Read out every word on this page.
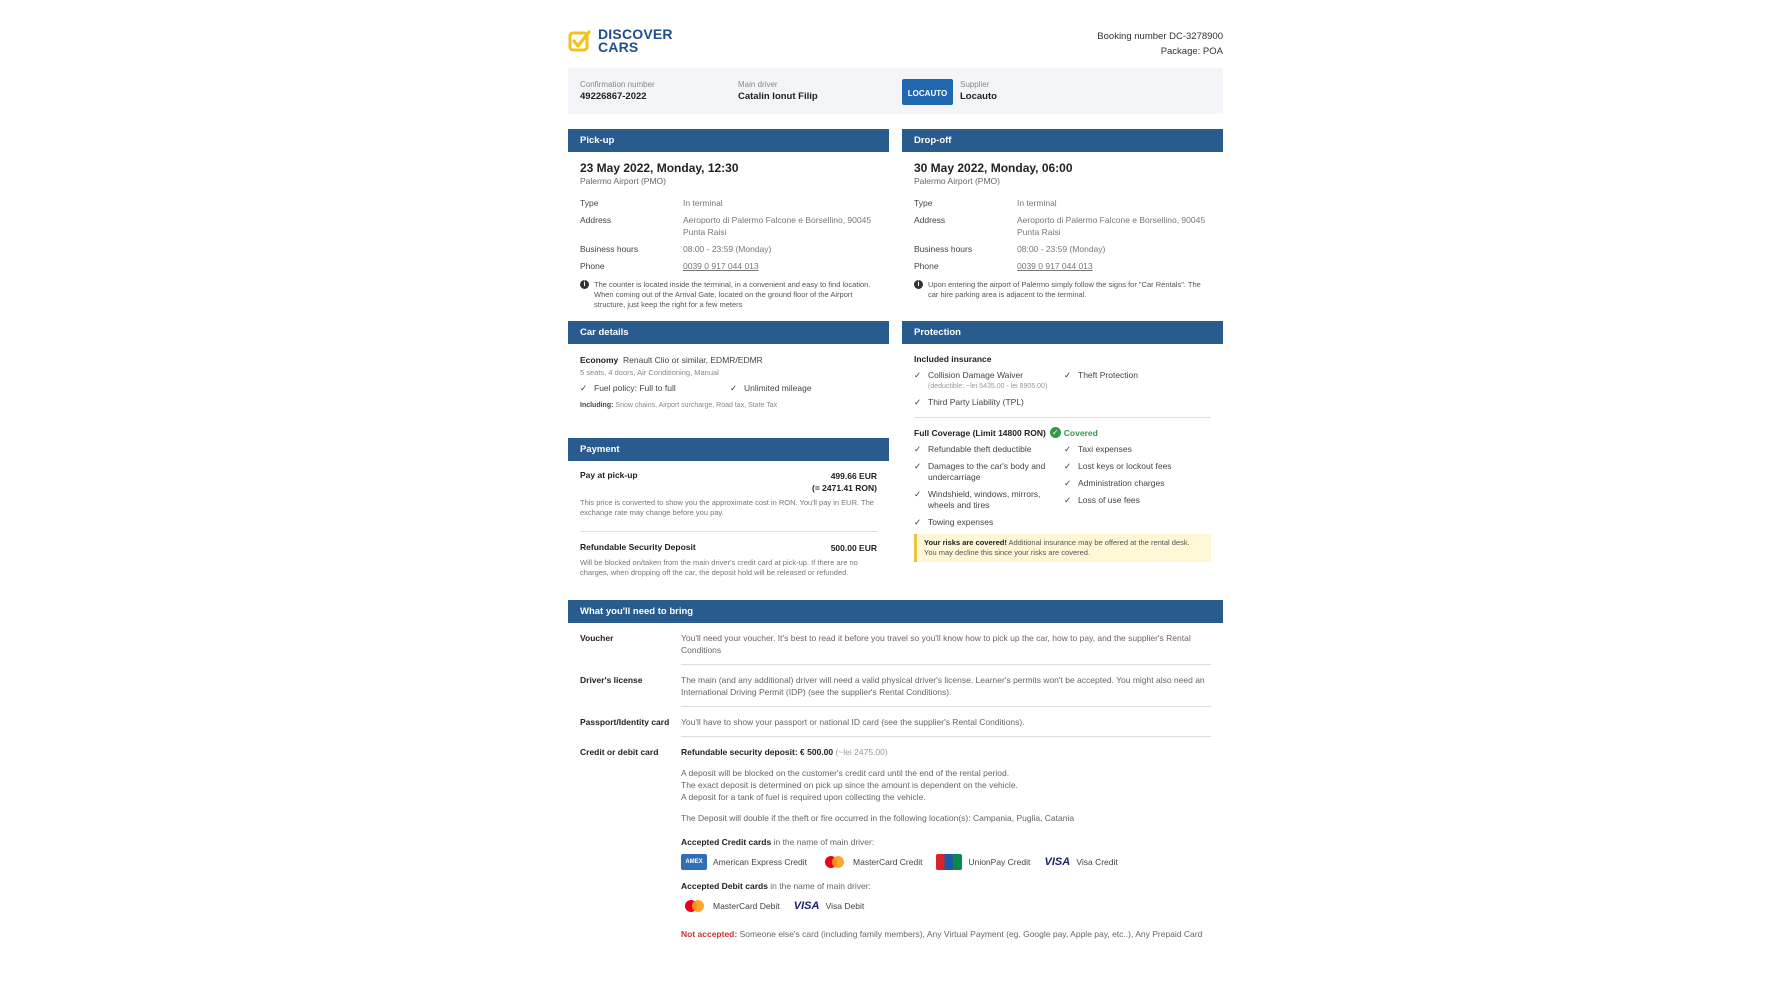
DISCOVER
CARS
Booking number DC-3278900
Package: POA
Confirmation number
49226867-2022
Main driver
Catalin Ionut Filip	LOCAUTO
Supplier
Locauto
Pick-up
23 May 2022, Monday, 12:30
Palermo Airport (PMO)
Type	In terminal
Address	Aeroporto di Palermo Falcone e Borsellino, 90045 Punta Raisi
Business hours	08:00 - 23:59 (Monday)
Phone	0039 0 917 044 013
i	The counter is located inside the terminal, in a convenient and easy to find location. When coming out of the Arrival Gate, located on the ground floor of the Airport structure, just keep the right for a few meters
Drop-off
30 May 2022, Monday, 06:00
Palermo Airport (PMO)
Type	In terminal
Address	Aeroporto di Palermo Falcone e Borsellino, 90045 Punta Raisi
Business hours	08:00 - 23:59 (Monday)
Phone	0039 0 917 044 013
i	Upon entering the airport of Palermo simply follow the signs for "Car Rentals". The car hire parking area is adjacent to the terminal.
Car details
Economy Renault Clio or similar, EDMR/EDMR
5 seats, 4 doors, Air Conditioning, Manual
✓ Fuel policy: Full to full	✓ Unlimited mileage
Including: Snow chains, Airport surcharge, Road tax, State Tax
Payment
Pay at pick-up	499.66 EUR
(= 2471.41 RON)
This price is converted to show you the approximate cost in RON. You'll pay in EUR. The exchange rate may change before you pay.
Refundable Security Deposit	500.00 EUR
Will be blocked on/taken from the main driver's credit card at pick-up. If there are no charges, when dropping off the car, the deposit hold will be released or refunded.
Protection
Included insurance
✓ Collision Damage Waiver
(deductible: ~lei 5435.00 - lei 8905.00)
✓ Theft Protection
✓ Third Party Liability (TPL)
Full Coverage (Limit 14800 RON) ✓ Covered
✓ Refundable theft deductible
✓ Damages to the car's body and undercarriage
✓ Windshield, windows, mirrors, wheels and tires
✓ Towing expenses
✓ Taxi expenses
✓ Lost keys or lockout fees
✓ Administration charges
✓ Loss of use fees
Your risks are covered! Additional insurance may be offered at the rental desk. You may decline this since your risks are covered.
What you'll need to bring
Voucher	You'll need your voucher. It's best to read it before you travel so you'll know how to pick up the car, how to pay, and the supplier's Rental Conditions
Driver's license	The main (and any additional) driver will need a valid physical driver's license. Learner's permits won't be accepted. You might also need an International Driving Permit (IDP) (see the supplier's Rental Conditions).
Passport/Identity card	You'll have to show your passport or national ID card (see the supplier's Rental Conditions).
Credit or debit card	Refundable security deposit: € 500.00 (~lei 2475.00)
A deposit will be blocked on the customer's credit card until the end of the rental period.
The exact deposit is determined on pick up since the amount is dependent on the vehicle.
A deposit for a tank of fuel is required upon collecting the vehicle.
The Deposit will double if the theft or fire occurred in the following location(s): Campania, Puglia, Catania
Accepted Credit cards in the name of main driver:
AMEX	American Express Credit	MasterCard Credit	UnionPay Credit VISA Visa Credit
Accepted Debit cards in the name of main driver:
MasterCard Debit VISA Visa Debit
Not accepted: Someone else's card (including family members), Any Virtual Payment (eg. Google pay, Apple pay, etc..), Any Prepaid Card
